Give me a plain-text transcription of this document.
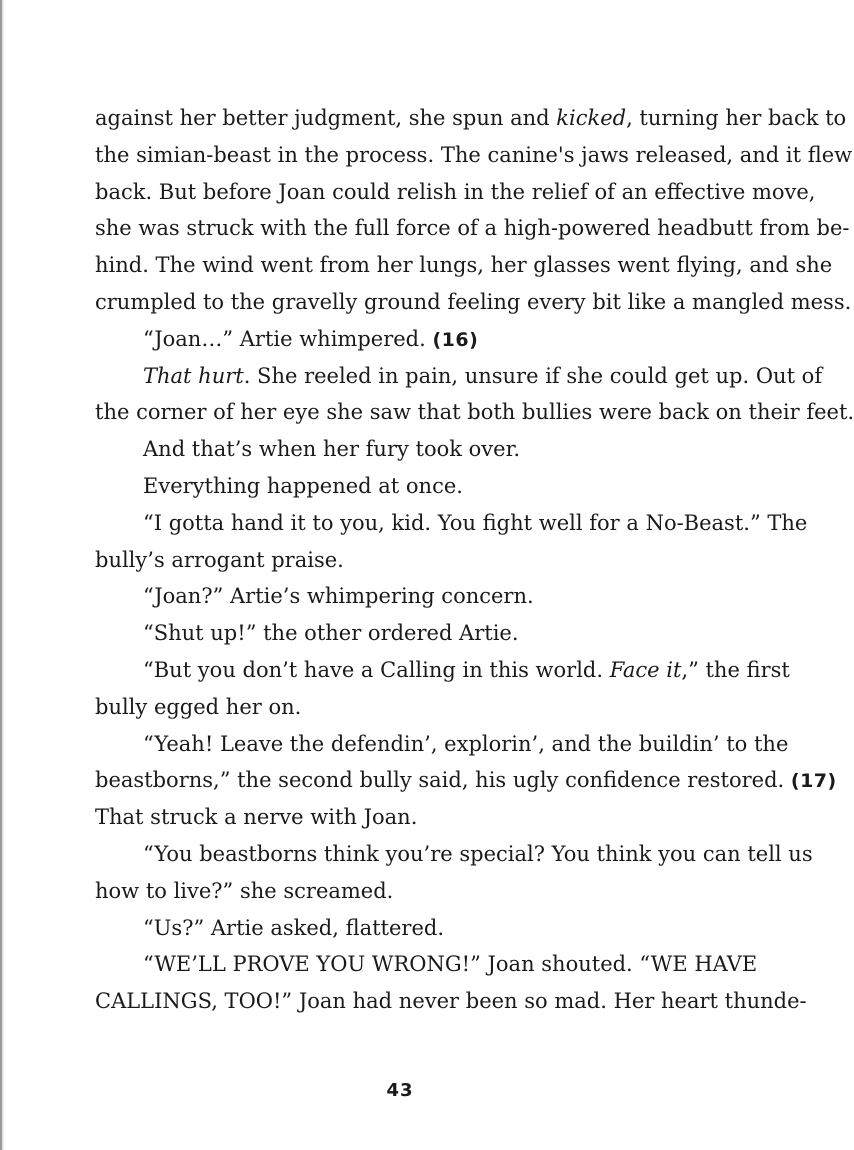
against her better judgment, she spun and kicked, turning her back to
the simian-beast in the process. The canine's jaws released, and it flew
back. But before Joan could relish in the relief of an effective move,
she was struck with the full force of a high-powered headbutt from be-
hind. The wind went from her lungs, her glasses went flying, and she
crumpled to the gravelly ground feeling every bit like a mangled mess.
“Joan…” Artie whimpered. (16)
That hurt. She reeled in pain, unsure if she could get up. Out of
the corner of her eye she saw that both bullies were back on their feet.
And that’s when her fury took over.
Everything happened at once.
“I gotta hand it to you, kid. You fight well for a No-Beast.” The
bully’s arrogant praise.
“Joan?” Artie’s whimpering concern.
“Shut up!” the other ordered Artie.
“But you don’t have a Calling in this world. Face it,” the first
bully egged her on.
“Yeah! Leave the defendin’, explorin’, and the buildin’ to the
beastborns,” the second bully said, his ugly confidence restored. (17)
That struck a nerve with Joan.
“You beastborns think you’re special? You think you can tell us
how to live?” she screamed.
“Us?” Artie asked, flattered.
“WE’LL PROVE YOU WRONG!” Joan shouted. “WE HAVE
CALLINGS, TOO!” Joan had never been so mad. Her heart thunde-
43
